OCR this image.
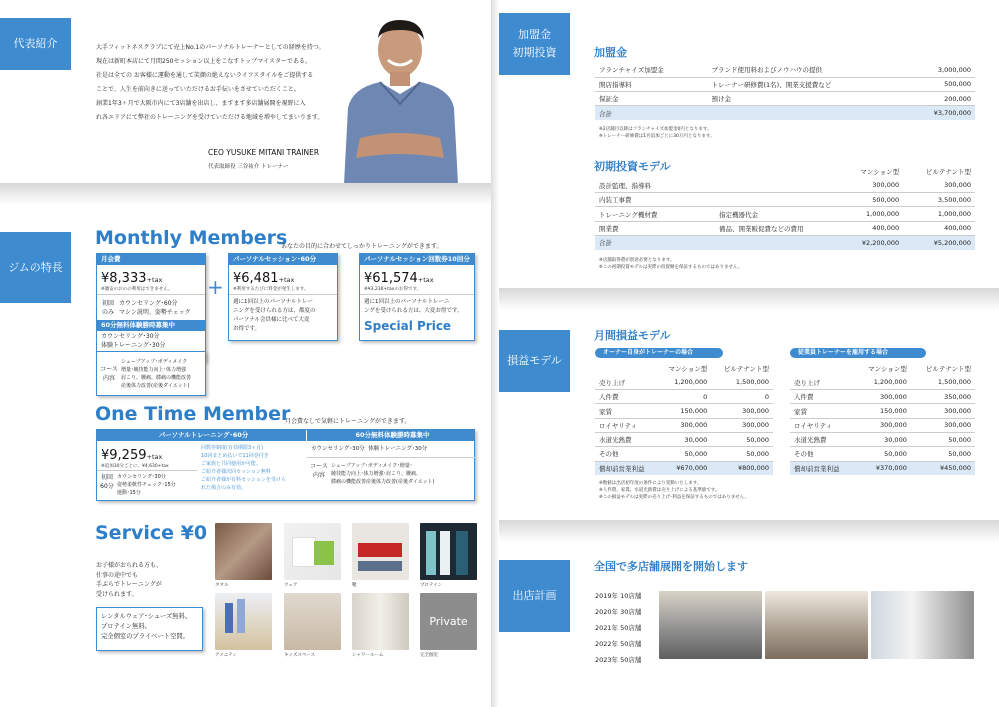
代表紹介	大手フィットネスクラブにて売上No.1のパーソナルトレーナーとしての経歴を持つ。
現在は新町本店にて月間250セッション以上をこなすトップマイスターである。
社是は全ての お客様に運動を通して笑顔の絶えないライフスタイルをご提供する
ことで、人生を前向きに送っていただけるお手伝いをさせていただくこと。
創業1年3ヶ月で大阪市内にて3店舗を出店し、ますます多店舗展開を視野に入
れ各エリアにて弊社のトレーニングを受けていただける地域を増やしてまいります。
CEO YUSUKE MITANI TRAINER
代表取締役 三谷祐介 トレーナー
ジムの特長
Monthly Members
あなたの目的に合わせてしっかりトレーニングができます。
月会費
¥8,333+tax
※激安のおのの利用はできません。
初回
のみ
カウンセリング･60分
マシン説明、姿勢チェック
60分無料体験勝時募集中
カウンセリング･30分
体験トレーニング･30分
コース
内容
シェープアップ･ボディメイク
増量･競技能力向上･体力増強
肩こり、腰痛、膝痛の機能改善
産後体力改善(産後ダイエット)
+
パーソナルセッション･60分
¥6,481+tax
※利用するたびに料金が発生します。
週に1回以上のパーソナルトレー
ニングを受けられる方は、都度の
パーソナル会員様に比べて大変
お得です。
パーソナルセッション回数券10回分
¥61,574+tax
※¥3,236+taxのお得です。
週に1回以上のパーソナルトレーニ
ングを受けられる方は、大変お得です。
Special Price
One Time Member
月会費なしで気軽にトレーニングができます。
パーソナルトレーニング･60分	60分無料体験勝時募集中
¥9,259+tax
※追加30分ごとに、¥4,630+tax
初回
60分
カウンセリング･30分
姿勢柔軟性チェック･15分
運動･15分
回数券制度(有効期限3ヶ月)
10回まとめ払いで11回巻付き
ご家族と共同使用が可能。
ご紹介者様次回セッション無料
ご紹介者様が有料セッションを受けら
れた場合のみ有効。
カウンセリング･30分  体験トレーニング･30分
コース
内容
シェープアップ･ボディメイク･増量･
競技能力向上･体力増強･肩こり、腰痛、
膝痛の機能改善産後体力改善(産後ダイエット)
Service ¥0
お子様がおられる方も、
仕事の途中でも
手ぶらでトレーニングが
受けられます。
レンタルウェア･シューズ無料。
プロテイン無料。
完全個室のプライベート空間。
タオル	ウェア	靴	プロテイン
アメニティ	キッズスペース	シャワールーム
Private
完全個室
加盟金
初期投資	加盟金
フランチャイズ加盟金	ブランド使用料およびノウハウの提供	3,000,000
開店指導料	トレーナー研修費(1名)、開業支援費など	500,000
保証金	預け金	200,000
合計		¥3,700,000
※2店舗目以降はフランチャイズ加盟金0円となります。
※トレーナー研修費は1名追加ごとに30万円となります。
初期投資モデル
			マンション型	ビルテナント型
設計監理、指導料		300,000	300,000
内装工事費		500,000	3,500,000
トレーニング機材費	指定機器代金	1,000,000	1,000,000
開業費	備品、開業販促費などの費用	400,000	400,000
合計		¥2,200,000	¥5,200,000
※店舗取得費が別途必要となります。
※この初期投資モデルは実際の投資額を保証するものではありません。
損益モデル
月間損益モデル
オーナー自身がトレーナーの場合	従業員トレーナーを雇用する場合
	マンション型	ビルテナント型
売り上げ	1,200,000	1,500,000
人件費	0	0
家賃	150,000	300,000
ロイヤリティ	300,000	300,000
水道光熱費	30,000	50,000
その他	50,000	50,000
償却前営業利益	¥670,000	¥800,000
	マンション型	ビルテナント型
売り上げ	1,200,000	1,500,000
人件費	300,000	350,000
家賃	150,000	300,000
ロイヤリティ	300,000	300,000
水道光熱費	30,000	50,000
その他	50,000	50,000
償却前営業利益	¥370,000	¥450,000
※数値は出店初年度の条件により変動いたします。
※人件費、家賃、水道光熱費は売り上げによる基準値です。
※この損益モデルは実際の売り上げ･利益を保証するものではありません。
出店計画
全国で多店舗展開を開始します
2019年 10店舗
2020年 30店舗
2021年 50店舗
2022年 50店舗
2023年 50店舗
